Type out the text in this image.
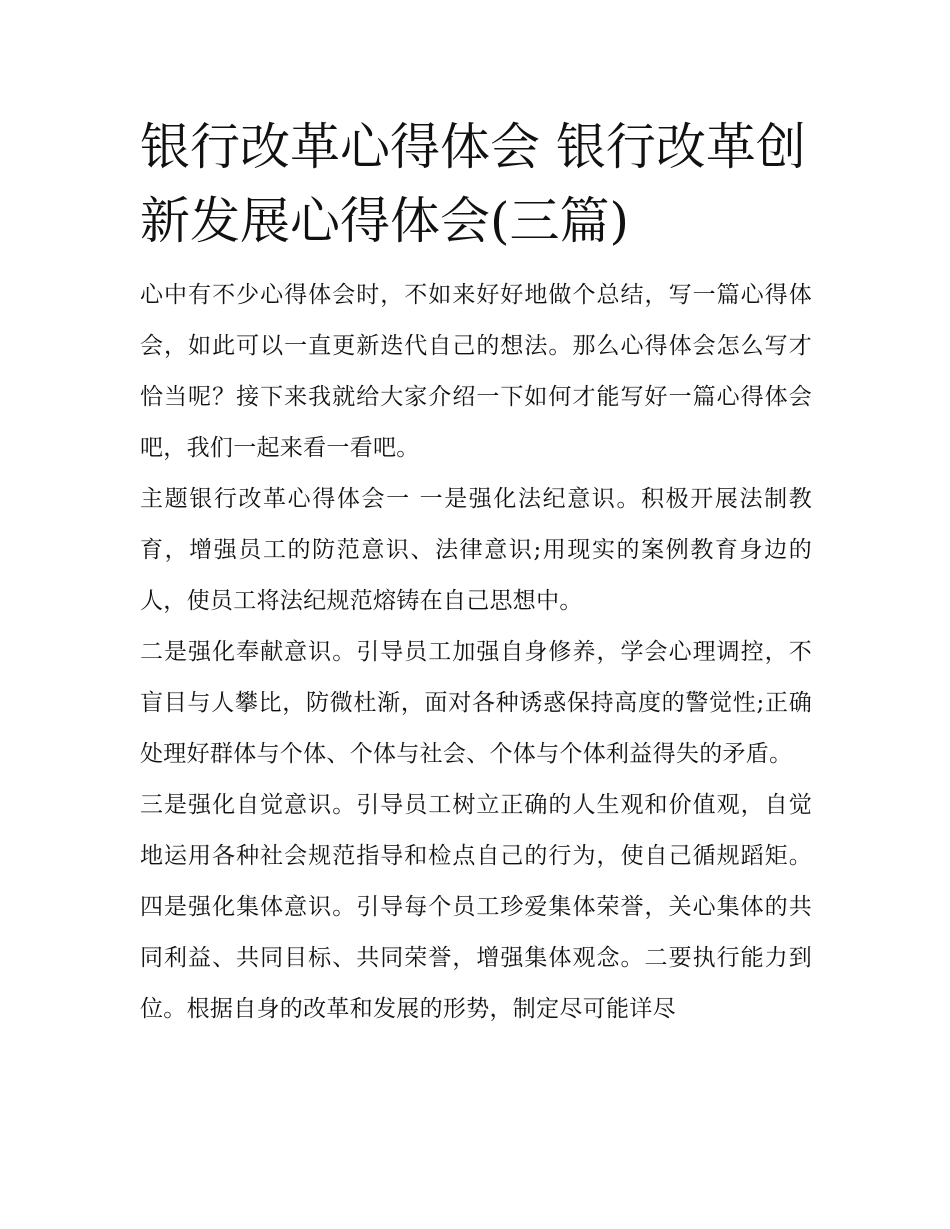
银行改革心得体会 银行改革创新发展心得体会(三篇)

心中有不少心得体会时，不如来好好地做个总结，写一篇心得体会，如此可以一直更新迭代自己的想法。那么心得体会怎么写才恰当呢？接下来我就给大家介绍一下如何才能写好一篇心得体会吧，我们一起来看一看吧。

主题银行改革心得体会一 一是强化法纪意识。积极开展法制教育，增强员工的防范意识、法律意识;用现实的案例教育身边的人，使员工将法纪规范熔铸在自己思想中。

二是强化奉献意识。引导员工加强自身修养，学会心理调控，不盲目与人攀比，防微杜渐，面对各种诱惑保持高度的警觉性;正确处理好群体与个体、个体与社会、个体与个体利益得失的矛盾。

三是强化自觉意识。引导员工树立正确的人生观和价值观，自觉地运用各种社会规范指导和检点自己的行为，使自己循规蹈矩。四是强化集体意识。引导每个员工珍爱集体荣誉，关心集体的共同利益、共同目标、共同荣誉，增强集体观念。二要执行能力到位。根据自身的改革和发展的形势，制定尽可能详尽
